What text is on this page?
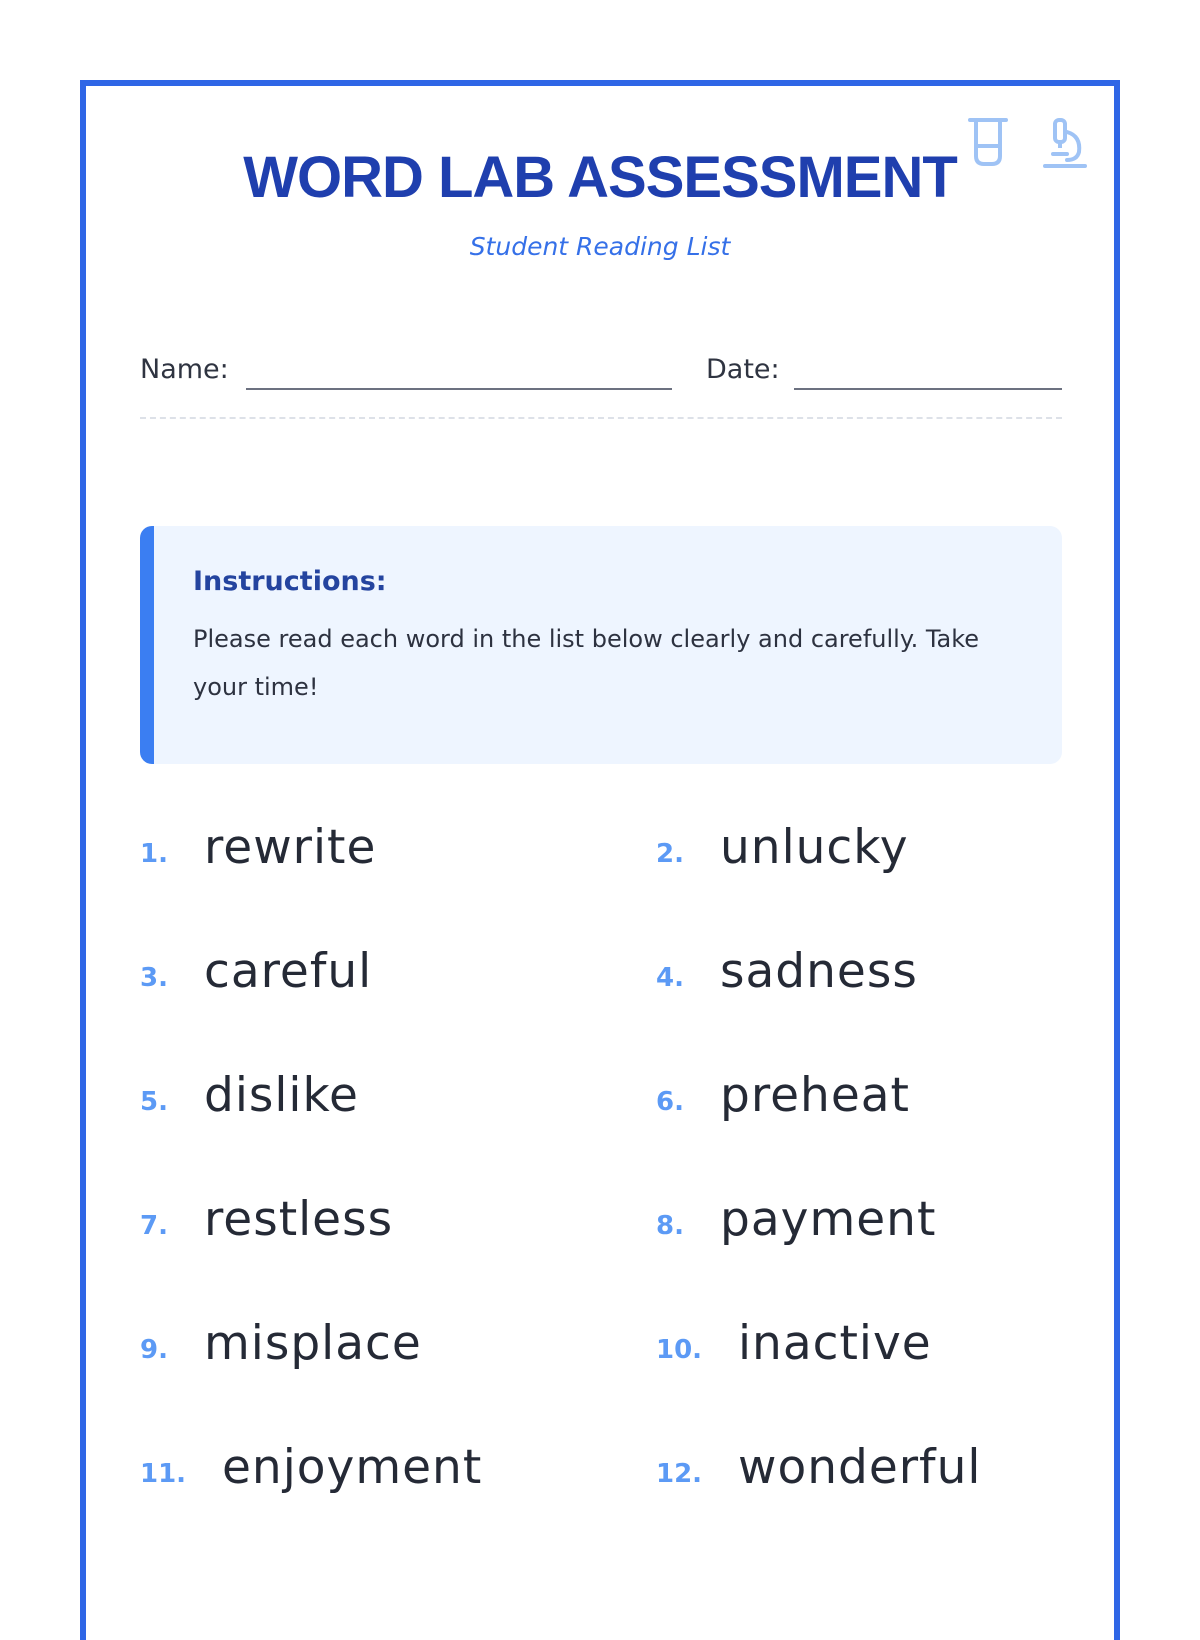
WORD LAB ASSESSMENT
Student Reading List
Name:	Date:

Instructions:

Please read each word in the list below clearly and carefully. Take your time!

1. rewrite	2. unlucky
3. careful	4. sadness
5. dislike	6. preheat
7. restless	8. payment
9. misplace	10. inactive
11. enjoyment	12. wonderful
